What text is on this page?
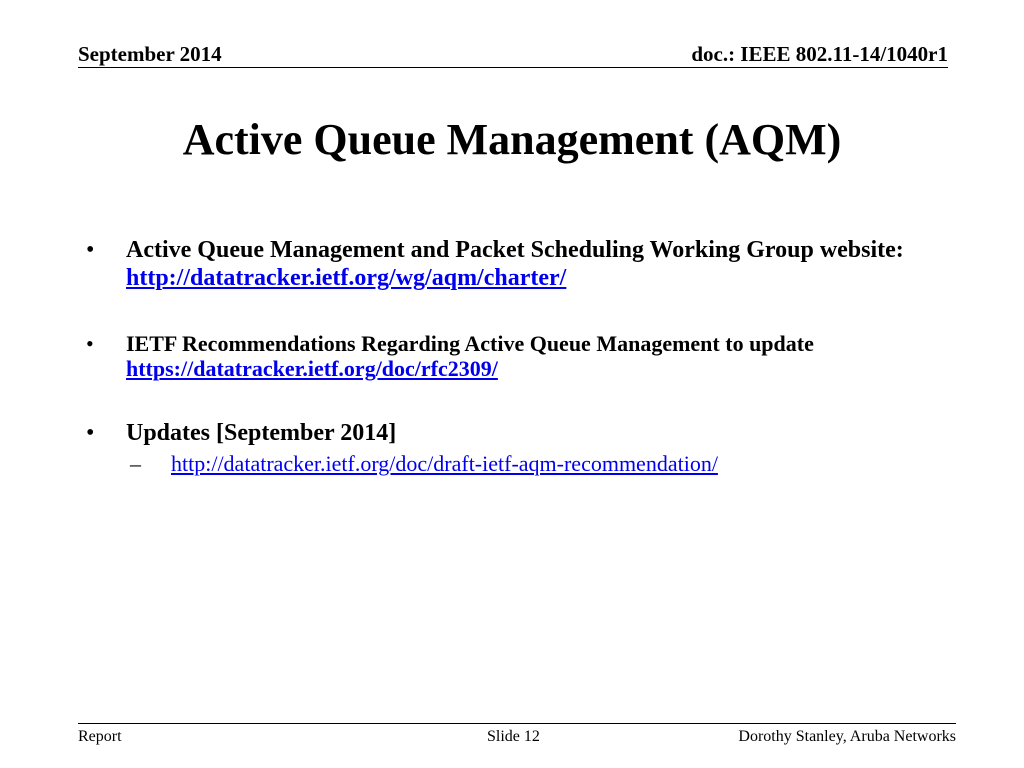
September 2014	doc.: IEEE 802.11-14/1040r1
Active Queue Management (AQM)
•	Active Queue Management and Packet Scheduling Working Group website: http://datatracker.ietf.org/wg/aqm/charter/
•	IETF Recommendations Regarding Active Queue Management to update
https://datatracker.ietf.org/doc/rfc2309/
•	Updates [September 2014]
– http://datatracker.ietf.org/doc/draft-ietf-aqm-recommendation/
Report	Slide 12	Dorothy Stanley, Aruba Networks
